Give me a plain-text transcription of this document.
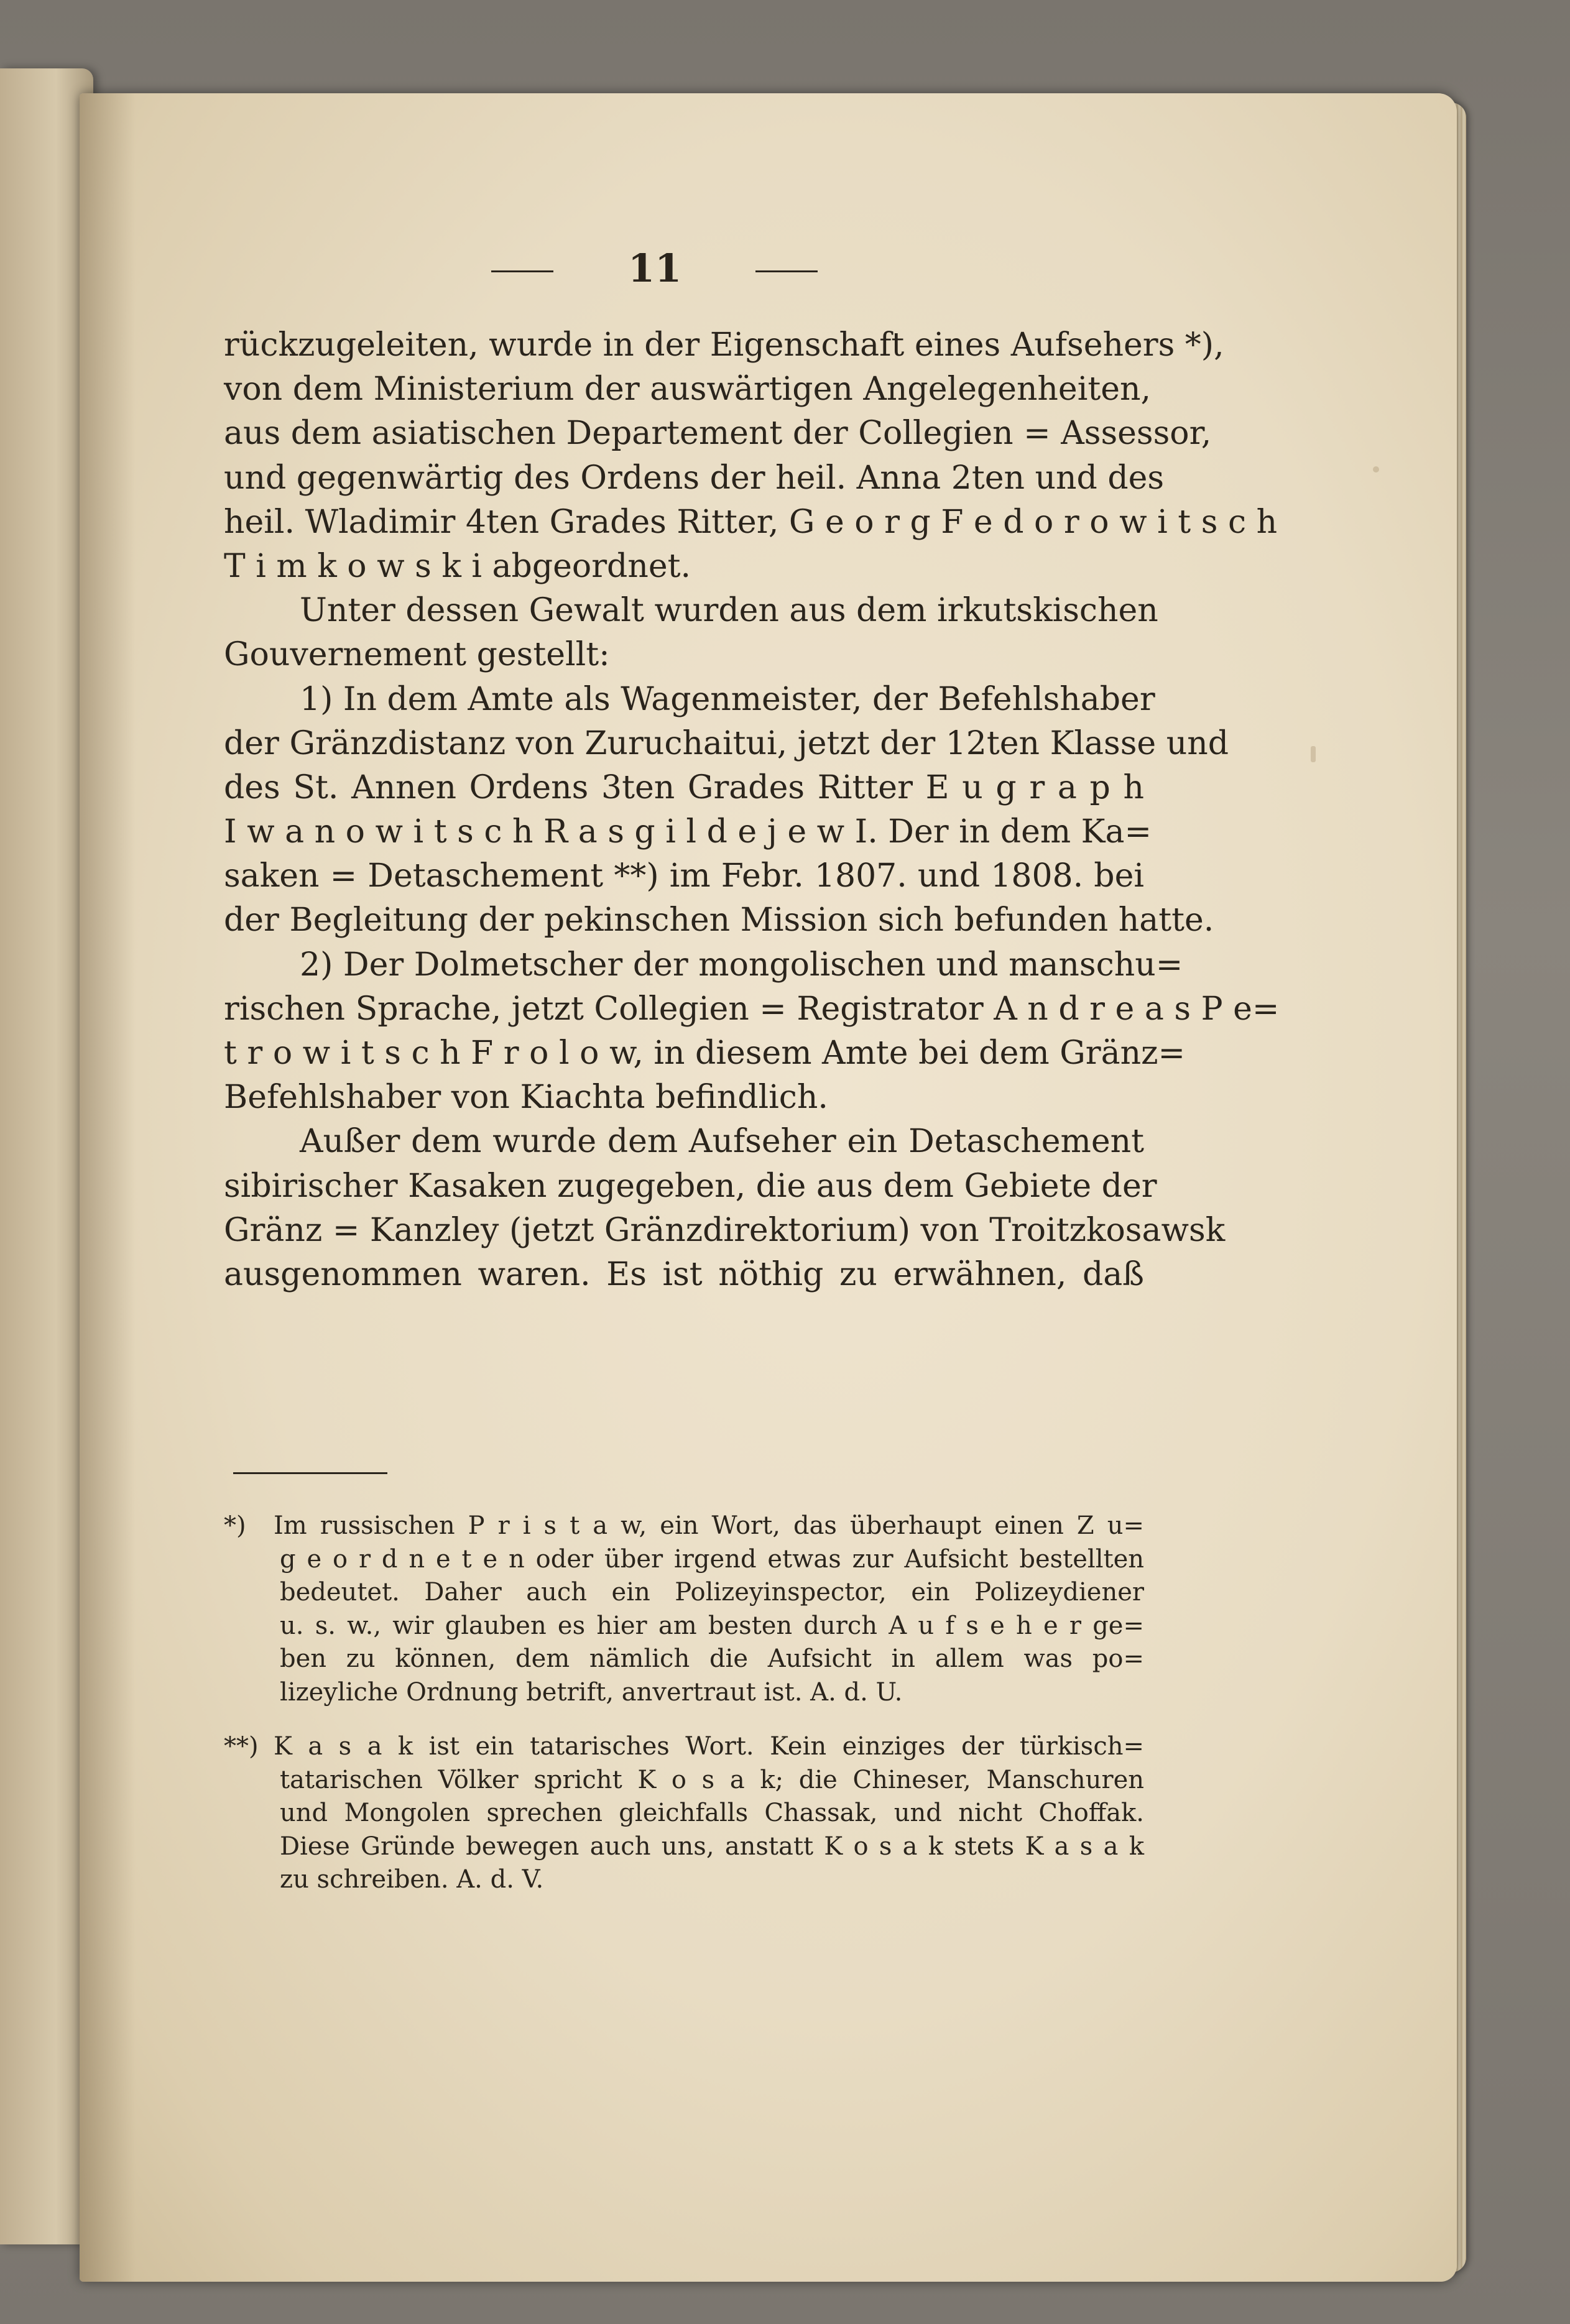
11
rückzugeleiten, wurde in der Eigenschaft eines Aufsehers *),
von dem Ministerium der auswärtigen Angelegenheiten,
aus dem asiatischen Departement der Collegien = Assessor,
und gegenwärtig des Ordens der heil. Anna 2ten und des
heil. Wladimir 4ten Grades Ritter, G e o r g F e d o r o w i t s c h
T i m k o w s k i abgeordnet.
Unter dessen Gewalt wurden aus dem irkutskischen
Gouvernement gestellt:
1) In dem Amte als Wagenmeister, der Befehlshaber
der Gränzdistanz von Zuruchaitui, jetzt der 12ten Klasse und
des St. Annen Ordens 3ten Grades Ritter E u g r a p h
I w a n o w i t s c h R a s g i l d e j e w I. Der in dem Ka=
saken = Detaschement **) im Febr. 1807. und 1808. bei
der Begleitung der pekinschen Mission sich befunden hatte.
2) Der Dolmetscher der mongolischen und manschu=
rischen Sprache, jetzt Collegien = Registrator A n d r e a s P e=
t r o w i t s c h F r o l o w, in diesem Amte bei dem Gränz=
Befehlshaber von Kiachta befindlich.
Außer dem wurde dem Aufseher ein Detaschement
sibirischer Kasaken zugegeben, die aus dem Gebiete der
Gränz = Kanzley (jetzt Gränzdirektorium) von Troitzkosawsk
ausgenommen waren. Es ist nöthig zu erwähnen, daß
*) Im russischen P r i s t a w, ein Wort, das überhaupt einen Z u=
g e o r d n e t e n oder über irgend etwas zur Aufsicht bestellten
bedeutet. Daher auch ein Polizeyinspector, ein Polizeydiener
u. s. w., wir glauben es hier am besten durch A u f s e h e r ge=
ben zu können, dem nämlich die Aufsicht in allem was po=
lizeyliche Ordnung betrift, anvertraut ist. A. d. U.
**) K a s a k ist ein tatarisches Wort. Kein einziges der türkisch=
tatarischen Völker spricht K o s a k; die Chineser, Manschuren
und Mongolen sprechen gleichfalls Chassak, und nicht Choffak.
Diese Gründe bewegen auch uns, anstatt K o s a k stets K a s a k
zu schreiben. A. d. V.
